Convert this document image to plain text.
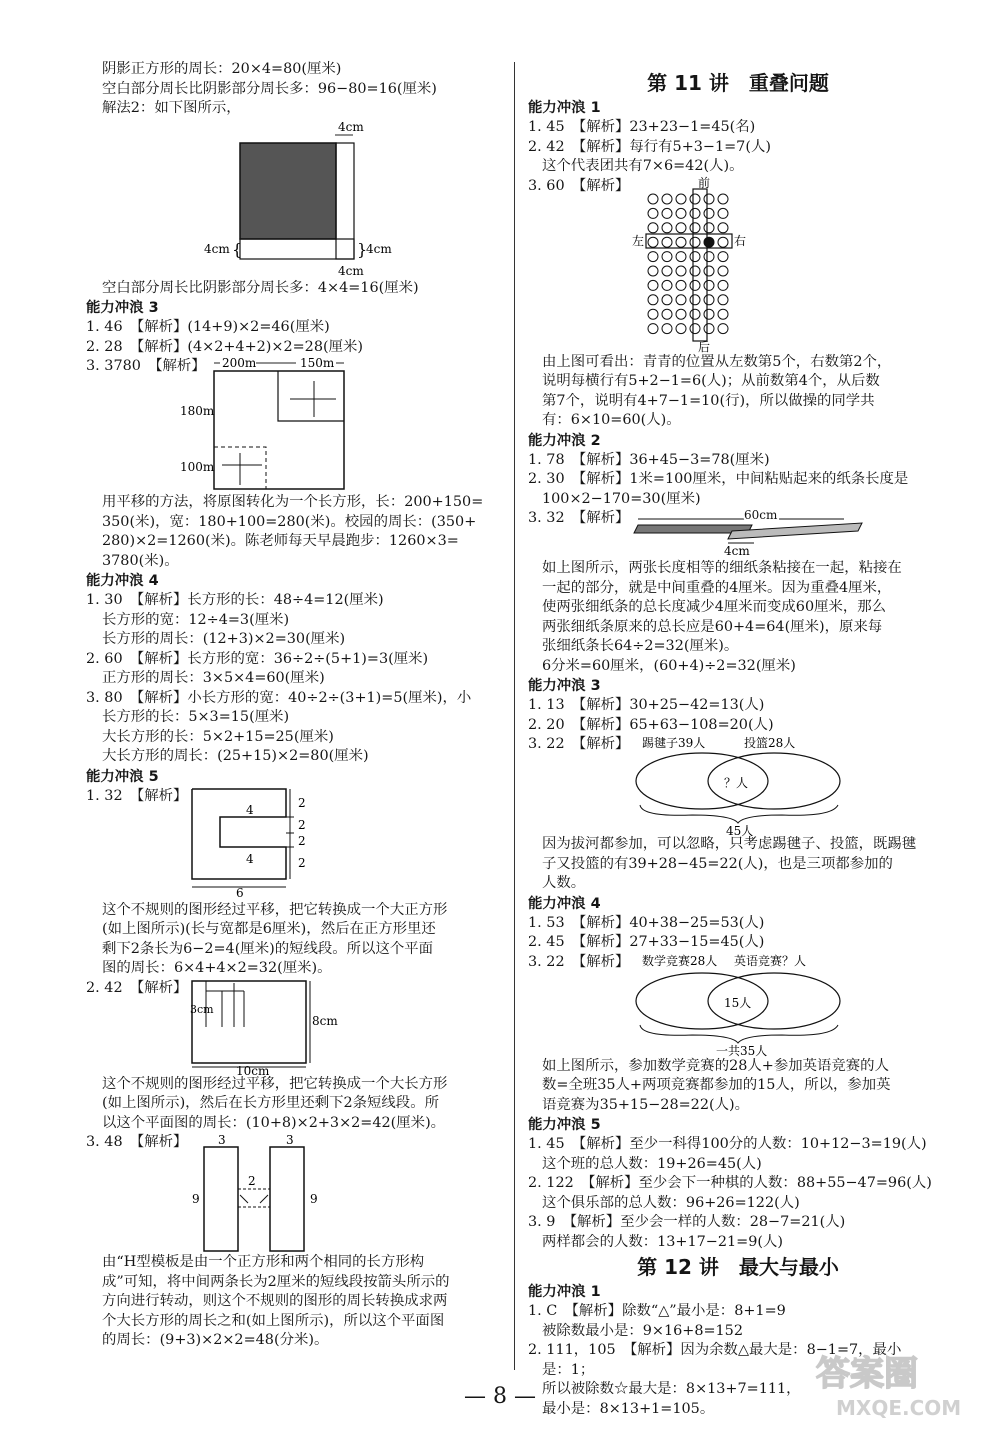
阴影正方形的周长：20×4=80(厘米)
空白部分周长比阴影部分周长多：96−80=16(厘米)
解法2：如下图所示，
4cm
4cm {	}
4cm
4cm
空白部分周长比阴影部分周长多：4×4=16(厘米)
能力冲浪 3
1. 46　【解析】(14+9)×2=46(厘米)
2. 28　【解析】(4×2+4+2)×2=28(厘米)
3. 3780　【解析】 200m	150m
180m
100m
用平移的方法，将原图转化为一个长方形，长：200+150=
350(米)，宽：180+100=280(米)。校园的周长：(350+
280)×2=1260(米)。陈老师每天早晨跑步：1260×3=
3780(米)。
能力冲浪 4
1. 30　【解析】长方形的长：48÷4=12(厘米)
长方形的宽：12÷4=3(厘米)
长方形的周长：(12+3)×2=30(厘米)
2. 60　【解析】长方形的宽：36÷2÷(5+1)=3(厘米)
正方形的周长：3×5×4=60(厘米)
3. 80　【解析】小长方形的宽：40÷2÷(3+1)=5(厘米)，小
长方形的长：5×3=15(厘米)
大长方形的长：5×2+15=25(厘米)
大长方形的周长：(25+15)×2=80(厘米)
能力冲浪 5
1. 32　【解析】
4
4
2
2
2
2
6
这个不规则的图形经过平移，把它转换成一个大正方形
(如上图所示)(长与宽都是6厘米)，然后在正方形里还
剩下2条长为6−2=4(厘米)的短线段。所以这个平面
图的周长：6×4+4×2=32(厘米)。
2. 42　【解析】
3cm
8cm
10cm
这个不规则的图形经过平移，把它转换成一个大长方形
(如上图所示)，然后在长方形里还剩下2条短线段。所
以这个平面图的周长：(10+8)×2+3×2=42(厘米)。
3. 48　【解析】	3	3
2
9	9
由“H型模板是由一个正方形和两个相同的长方形构
成”可知，将中间两条长为2厘米的短线段按箭头所示的
方向进行转动，则这个不规则的图形的周长转换成求两
个大长方形的周长之和(如上图所示)，所以这个平面图
的周长：(9+3)×2×2=48(分米)。
第 11 讲　重叠问题
能力冲浪 1
1. 45　【解析】23+23−1=45(名)
2. 42　【解析】每行有5+3−1=7(人)
这个代表团共有7×6=42(人)。
3. 60　【解析】	前
后
左	右
由上图可看出：青青的位置从左数第5个，右数第2个，
说明每横行有5+2−1=6(人)；从前数第4个，从后数
第7个，说明有4+7−1=10(行)，所以做操的同学共
有：6×10=60(人)。
能力冲浪 2
1. 78　【解析】36+45−3=78(厘米)
2. 30　【解析】1米=100厘米，中间粘贴起来的纸条长度是
100×2−170=30(厘米)
3. 32　【解析】	60cm
4cm
如上图所示，两张长度相等的细纸条粘接在一起，粘接在
一起的部分，就是中间重叠的4厘米。因为重叠4厘米，
使两张细纸条的总长度减少4厘米而变成60厘米，那么
两张细纸条原来的总长应是60+4=64(厘米)，原来每
张细纸条长64÷2=32(厘米)。
6分米=60厘米，(60+4)÷2=32(厘米)
能力冲浪 3
1. 13　【解析】30+25−42=13(人)
2. 20　【解析】65+63−108=20(人)
3. 22　【解析】 踢毽子39人	投篮28人
？人
45人
因为拔河都参加，可以忽略，只考虑踢毽子、投篮，既踢毽
子又投篮的有39+28−45=22(人)，也是三项都参加的
人数。
能力冲浪 4
1. 53　【解析】40+38−25=53(人)
2. 45　【解析】27+33−15=45(人)
3. 22　【解析】 数学竞赛28人 英语竞赛？人
15人
一共35人
如上图所示，参加数学竞赛的28人+参加英语竞赛的人
数=全班35人+两项竞赛都参加的15人，所以，参加英
语竞赛为35+15−28=22(人)。
能力冲浪 5
1. 45　【解析】至少一科得100分的人数：10+12−3=19(人)
这个班的总人数：19+26=45(人)
2. 122　【解析】至少会下一种棋的人数：88+55−47=96(人)
这个俱乐部的总人数：96+26=122(人)
3. 9　【解析】至少会一样的人数：28−7=21(人)
两样都会的人数：13+17−21=9(人)
第 12 讲　最大与最小
能力冲浪 1
1. C　【解析】除数“△”最小是：8+1=9
被除数最小是：9×16+8=152
2. 111，105　【解析】因为余数△最大是：8−1=7，最小
是：1；
所以被除数☆最大是：8×13+7=111，
最小是：8×13+1=105。
— 8 —
答案圈
MXQE.COM
